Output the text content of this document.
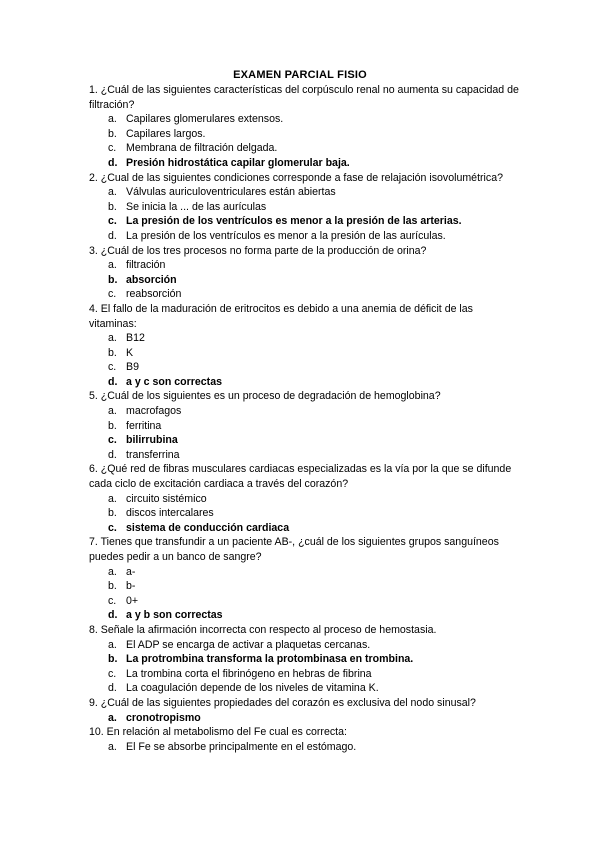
EXAMEN PARCIAL FISIO

1. ¿Cuál de las siguientes características del corpúsculo renal no aumenta su capacidad de filtración?

a. Capilares glomerulares extensos.
b. Capilares largos.
c. Membrana de filtración delgada.
d. Presión hidrostática capilar glomerular baja.

2. ¿Cual de las siguientes condiciones corresponde a fase de relajación isovolumétrica?

a. Válvulas auriculoventriculares están abiertas
b. Se inicia la ... de las aurículas
c. La presión de los ventrículos es menor a la presión de las arterias.
d. La presión de los ventrículos es menor a la presión de las aurículas.

3. ¿Cuál de los tres procesos no forma parte de la producción de orina?

a. filtración
b. absorción
c. reabsorción

4. El fallo de la maduración de eritrocitos es debido a una anemia de déficit de las vitaminas:

a. B12
b. K
c. B9
d. a y c son correctas

5. ¿Cuál de los siguientes es un proceso de degradación de hemoglobina?

a. macrofagos
b. ferritina
c. bilirrubina
d. transferrina

6. ¿Qué red de fibras musculares cardiacas especializadas es la vía por la que se difunde cada ciclo de excitación cardiaca a través del corazón?

a. circuito sistémico
b. discos intercalares
c. sistema de conducción cardiaca

7. Tienes que transfundir a un paciente AB-, ¿cuál de los siguientes grupos sanguíneos puedes pedir a un banco de sangre?

a. a-
b. b-
c. 0+
d. a y b son correctas

8. Señale la afirmación incorrecta con respecto al proceso de hemostasia.

a. El ADP se encarga de activar a plaquetas cercanas.
b. La protrombina transforma la protombinasa en trombina.
c. La trombina corta el fibrinógeno en hebras de fibrina
d. La coagulación depende de los niveles de vitamina K.

9. ¿Cuál de las siguientes propiedades del corazón es exclusiva del nodo sinusal?

a. cronotropismo

10. En relación al metabolismo del Fe cual es correcta:

a. El Fe se absorbe principalmente en el estómago.
